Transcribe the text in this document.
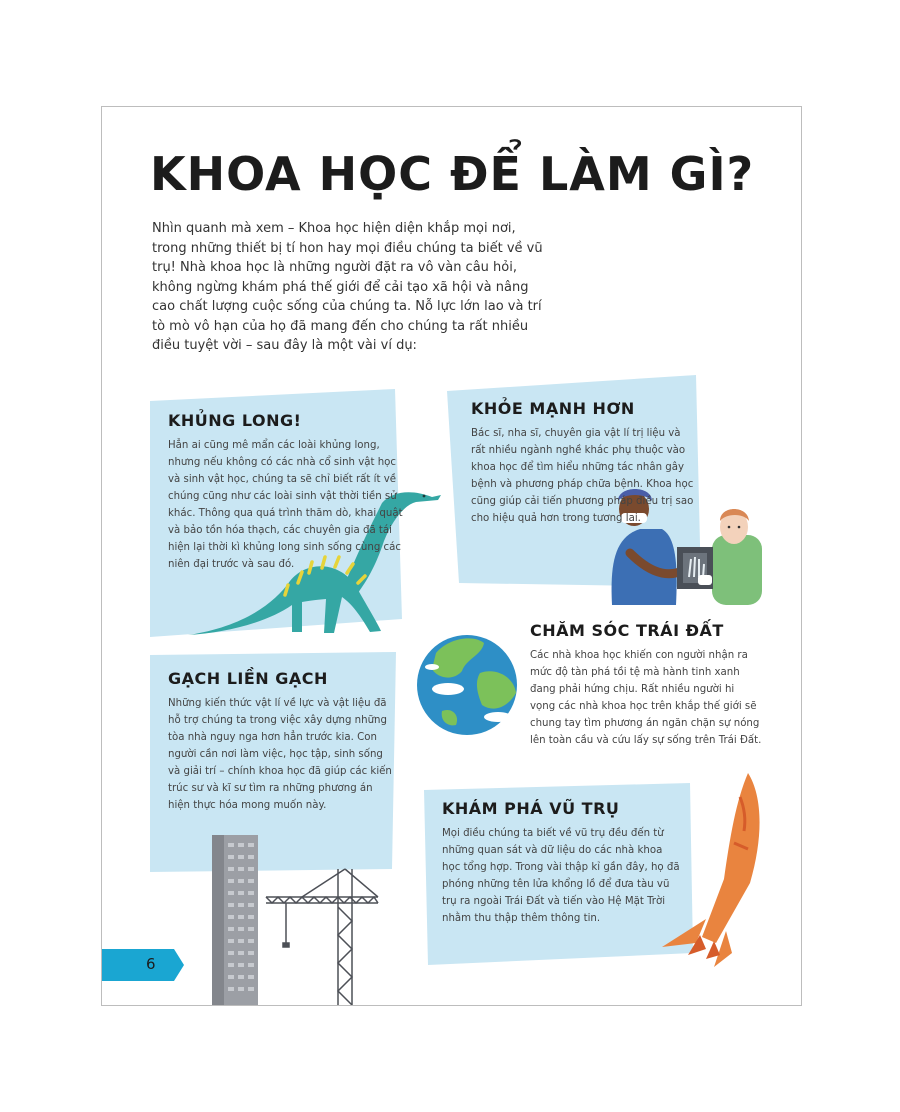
KHOA HỌC ĐỂ LÀM GÌ?

Nhìn quanh mà xem – Khoa học hiện diện khắp mọi nơi, trong những thiết bị tí hon hay mọi điều chúng ta biết về vũ trụ! Nhà khoa học là những người đặt ra vô vàn câu hỏi, không ngừng khám phá thế giới để cải tạo xã hội và nâng cao chất lượng cuộc sống của chúng ta. Nỗ lực lớn lao và trí tò mò vô hạn của họ đã mang đến cho chúng ta rất nhiều điều tuyệt vời – sau đây là một vài ví dụ:

KHỦNG LONG!
Hẳn ai cũng mê mẩn các loài khủng long, nhưng nếu không có các nhà cổ sinh vật học và sinh vật học, chúng ta sẽ chỉ biết rất ít về chúng cũng như các loài sinh vật thời tiền sử khác. Thông qua quá trình thăm dò, khai quật và bảo tồn hóa thạch, các chuyên gia đã tái hiện lại thời kì khủng long sinh sống cùng các niên đại trước và sau đó.
KHỎE MẠNH HƠN
Bác sĩ, nha sĩ, chuyên gia vật lí trị liệu và rất nhiều ngành nghề khác phụ thuộc vào khoa học để tìm hiểu những tác nhân gây bệnh và phương pháp chữa bệnh. Khoa học cũng giúp cải tiến phương pháp điều trị sao cho hiệu quả hơn trong tương lai.
CHĂM SÓC TRÁI ĐẤT
Các nhà khoa học khiến con người nhận ra mức độ tàn phá tồi tệ mà hành tinh xanh đang phải hứng chịu. Rất nhiều người hi vọng các nhà khoa học trên khắp thế giới sẽ chung tay tìm phương án ngăn chặn sự nóng lên toàn cầu và cứu lấy sự sống trên Trái Đất.
GẠCH LIỀN GẠCH
Những kiến thức vật lí về lực và vật liệu đã hỗ trợ chúng ta trong việc xây dựng những tòa nhà nguy nga hơn hẳn trước kia. Con người cần nơi làm việc, học tập, sinh sống và giải trí – chính khoa học đã giúp các kiến trúc sư và kĩ sư tìm ra những phương án hiện thực hóa mong muốn này.	KHÁM PHÁ VŨ TRỤ
Mọi điều chúng ta biết về vũ trụ đều đến từ những quan sát và dữ liệu do các nhà khoa học tổng hợp. Trong vài thập kỉ gần đây, họ đã phóng những tên lửa khổng lồ để đưa tàu vũ trụ ra ngoài Trái Đất và tiến vào Hệ Mặt Trời nhằm thu thập thêm thông tin.
6
